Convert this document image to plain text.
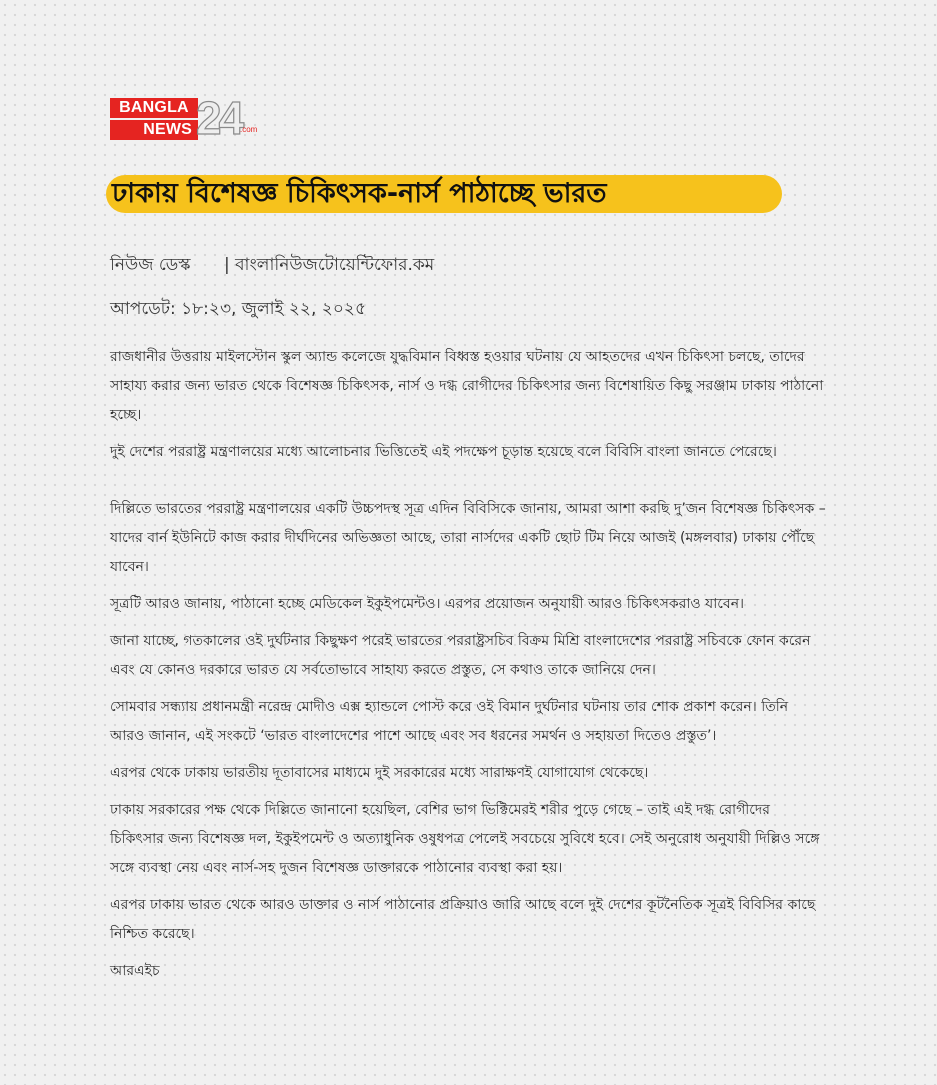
BANGLA
NEWS 24
.com
ঢাকায় বিশেষজ্ঞ চিকিৎসক-নার্স পাঠাচ্ছে ভারত
নিউজ ডেস্ক | বাংলানিউজটোয়েন্টিফোর.কম
আপডেট: ১৮:২৩, জুলাই ২২, ২০২৫

রাজধানীর উত্তরায় মাইলস্টোন স্কুল অ্যান্ড কলেজে যুদ্ধবিমান বিধ্বস্ত হওয়ার ঘটনায় যে আহতদের এখন চিকিৎসা চলছে, তাদের সাহায্য করার জন্য ভারত থেকে বিশেষজ্ঞ চিকিৎসক, নার্স ও দগ্ধ রোগীদের চিকিৎসার জন্য বিশেষায়িত কিছু সরঞ্জাম ঢাকায় পাঠানো হচ্ছে।

দুই দেশের পররাষ্ট্র মন্ত্রণালয়ের মধ্যে আলোচনার ভিত্তিতেই এই পদক্ষেপ চূড়ান্ত হয়েছে বলে বিবিসি বাংলা জানতে পেরেছে।

দিল্লিতে ভারতের পররাষ্ট্র মন্ত্রণালয়ের একটি উচ্চপদস্থ সূত্র এদিন বিবিসিকে জানায়, আমরা আশা করছি দু’জন বিশেষজ্ঞ চিকিৎসক – যাদের বার্ন ইউনিটে কাজ করার দীর্ঘদিনের অভিজ্ঞতা আছে, তারা নার্সদের একটি ছোট টিম নিয়ে আজই (মঙ্গলবার) ঢাকায় পৌঁছে যাবেন।

সূত্রটি আরও জানায়, পাঠানো হচ্ছে মেডিকেল ইকুইপমেন্টও। এরপর প্রয়োজন অনুযায়ী আরও চিকিৎসকরাও যাবেন।

জানা যাচ্ছে, গতকালের ওই দুর্ঘটনার কিছুক্ষণ পরেই ভারতের পররাষ্ট্রসচিব বিক্রম মিশ্রি বাংলাদেশের পররাষ্ট্র সচিবকে ফোন করেন এবং যে কোনও দরকারে ভারত যে সর্বতোভাবে সাহায্য করতে প্রস্তুত, সে কথাও তাকে জানিয়ে দেন।

সোমবার সন্ধ্যায় প্রধানমন্ত্রী নরেন্দ্র মোদীও এক্স হ্যান্ডলে পোস্ট করে ওই বিমান দুর্ঘটনার ঘটনায় তার শোক প্রকাশ করেন। তিনি আরও জানান, এই সংকটে ‘ভারত বাংলাদেশের পাশে আছে এবং সব ধরনের সমর্থন ও সহায়তা দিতেও প্রস্তুত’।

এরপর থেকে ঢাকায় ভারতীয় দূতাবাসের মাধ্যমে দুই সরকারের মধ্যে সারাক্ষণই যোগাযোগ থেকেছে।

ঢাকায় সরকারের পক্ষ থেকে দিল্লিতে জানানো হয়েছিল, বেশির ভাগ ভিক্টিমেরই শরীর পুড়ে গেছে – তাই এই দগ্ধ রোগীদের চিকিৎসার জন্য বিশেষজ্ঞ দল, ইকুইপমেন্ট ও অত্যাধুনিক ওষুধপত্র পেলেই সবচেয়ে সুবিধে হবে। সেই অনুরোধ অনুযায়ী দিল্লিও সঙ্গে সঙ্গে ব্যবস্থা নেয় এবং নার্স-সহ দুজন বিশেষজ্ঞ ডাক্তারকে পাঠানোর ব্যবস্থা করা হয়।

এরপর ঢাকায় ভারত থেকে আরও ডাক্তার ও নার্স পাঠানোর প্রক্রিয়াও জারি আছে বলে দুই দেশের কূটনৈতিক সূত্রই বিবিসির কাছে নিশ্চিত করেছে।

আরএইচ
